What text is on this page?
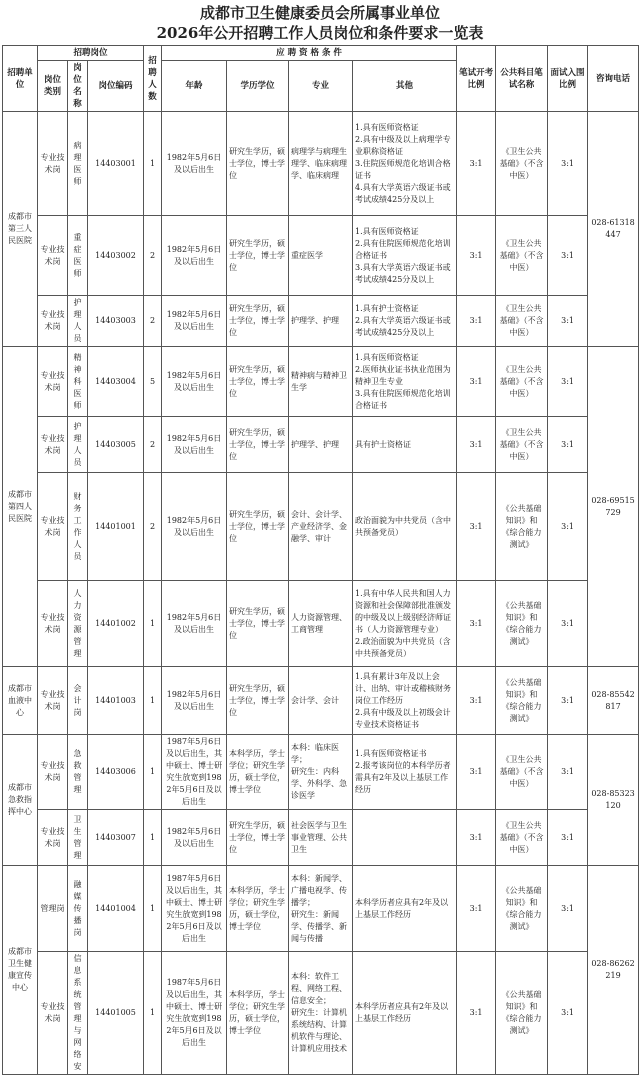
成都市卫生健康委员会所属事业单位
2026年公开招聘工作人员岗位和条件要求一览表
招聘单位	招聘岗位			招聘人数	应 聘 资 格 条 件				笔试开考比例	公共科目笔试名称	面试入围比例	咨询电话
	岗位类别	岗位名称	岗位编码		年龄	学历学位	专业	其他				
成都市第三人民医院	专业技术岗	病理医师	14403001	1	1982年5月6日及以后出生	研究生学历，硕士学位，博士学位	病理学与病理生理学、临床病理学、临床病理	1.具有医师资格证
2.具有中级及以上病理学专业职称资格证
3.住院医师规范化培训合格证书
4.具有大学英语六级证书或考试成绩425分及以上	3:1	《卫生公共基础》（不含中医）	3:1	028-61318447
	专业技术岗	重症医师	14403002	2	1982年5月6日及以后出生	研究生学历，硕士学位，博士学位	重症医学	1.具有医师资格证
2.具有住院医师规范化培训合格证书
3.具有大学英语六级证书或考试成绩425分及以上	3:1	《卫生公共基础》（不含中医）	3:1	
	专业技术岗	护理人员	14403003	2	1982年5月6日及以后出生	研究生学历，硕士学位，博士学位	护理学、护理	1.具有护士资格证
2.具有大学英语六级证书或考试成绩425分及以上	3:1	《卫生公共基础》（不含中医）	3:1	
成都市第四人民医院	专业技术岗	精神科医师	14403004	5	1982年5月6日及以后出生	研究生学历，硕士学位，博士学位	精神病与精神卫生学	1.具有医师资格证
2.医师执业证书执业范围为精神卫生专业
3.具有住院医师规范化培训合格证书	3:1	《卫生公共基础》（不含中医）	3:1	028-69515729
	专业技术岗	护理人员	14403005	2	1982年5月6日及以后出生	研究生学历，硕士学位，博士学位	护理学、护理	具有护士资格证	3:1	《卫生公共基础》（不含中医）	3:1	
	专业技术岗	财务工作人员	14401001	2	1982年5月6日及以后出生	研究生学历，硕士学位，博士学位	会计、会计学、产业经济学、金融学、审计	政治面貌为中共党员（含中共预备党员）	3:1	《公共基础知识》和《综合能力测试》	3:1	
	专业技术岗	人力资源管理	14401002	1	1982年5月6日及以后出生	研究生学历，硕士学位，博士学位	人力资源管理、工商管理	1.具有中华人民共和国人力资源和社会保障部批准颁发的中级及以上级别经济师证书（人力资源管理专业）
2.政治面貌为中共党员（含中共预备党员）	3:1	《公共基础知识》和《综合能力测试》	3:1	
成都市血液中心	专业技术岗	会计岗	14401003	1	1982年5月6日及以后出生	研究生学历，硕士学位，博士学位	会计学、会计	1.具有累计3年及以上会计、出纳、审计或稽核财务岗位工作经历
2.具有中级及以上初级会计专业技术资格证书	3:1	《公共基础知识》和《综合能力测试》	3:1	028-85542817
成都市急救指挥中心	专业技术岗	急救管理	14403006	1	1987年5月6日及以后出生，其中硕士、博士研究生放宽到1982年5月6日及以后出生	本科学历，学士学位；研究生学历，硕士学位，博士学位	本科：临床医学；
研究生：内科学、外科学、急诊医学	1.具有医师资格证书
2.报考该岗位的本科学历者需具有2年及以上基层工作经历	3:1	《卫生公共基础》（不含中医）	3:1	028-85323120
	专业技术岗	卫生管理	14403007	1	1982年5月6日及以后出生	研究生学历，硕士学位，博士学位	社会医学与卫生事业管理、公共卫生		3:1	《卫生公共基础》（不含中医）	3:1	
成都市卫生健康宣传中心	管理岗	融媒传播岗	14401004	1	1987年5月6日及以后出生，其中硕士、博士研究生放宽到1982年5月6日及以后出生	本科学历，学士学位；研究生学历，硕士学位，博士学位	本科：新闻学、广播电视学、传播学；
研究生：新闻学、传播学、新闻与传播	本科学历者应具有2年及以上基层工作经历	3:1	《公共基础知识》和《综合能力测试》	3:1	028-86262219
	专业技术岗	信息系统管理与网络安	14401005	1	1987年5月6日及以后出生，其中硕士、博士研究生放宽到1982年5月6日及以后出生	本科学历，学士学位；研究生学历，硕士学位，博士学位	本科：软件工程、网络工程、信息安全；
研究生：计算机系统结构、计算机软件与理论、计算机应用技术	本科学历者应具有2年及以上基层工作经历	3:1	《公共基础知识》和《综合能力测试》	3:1	
